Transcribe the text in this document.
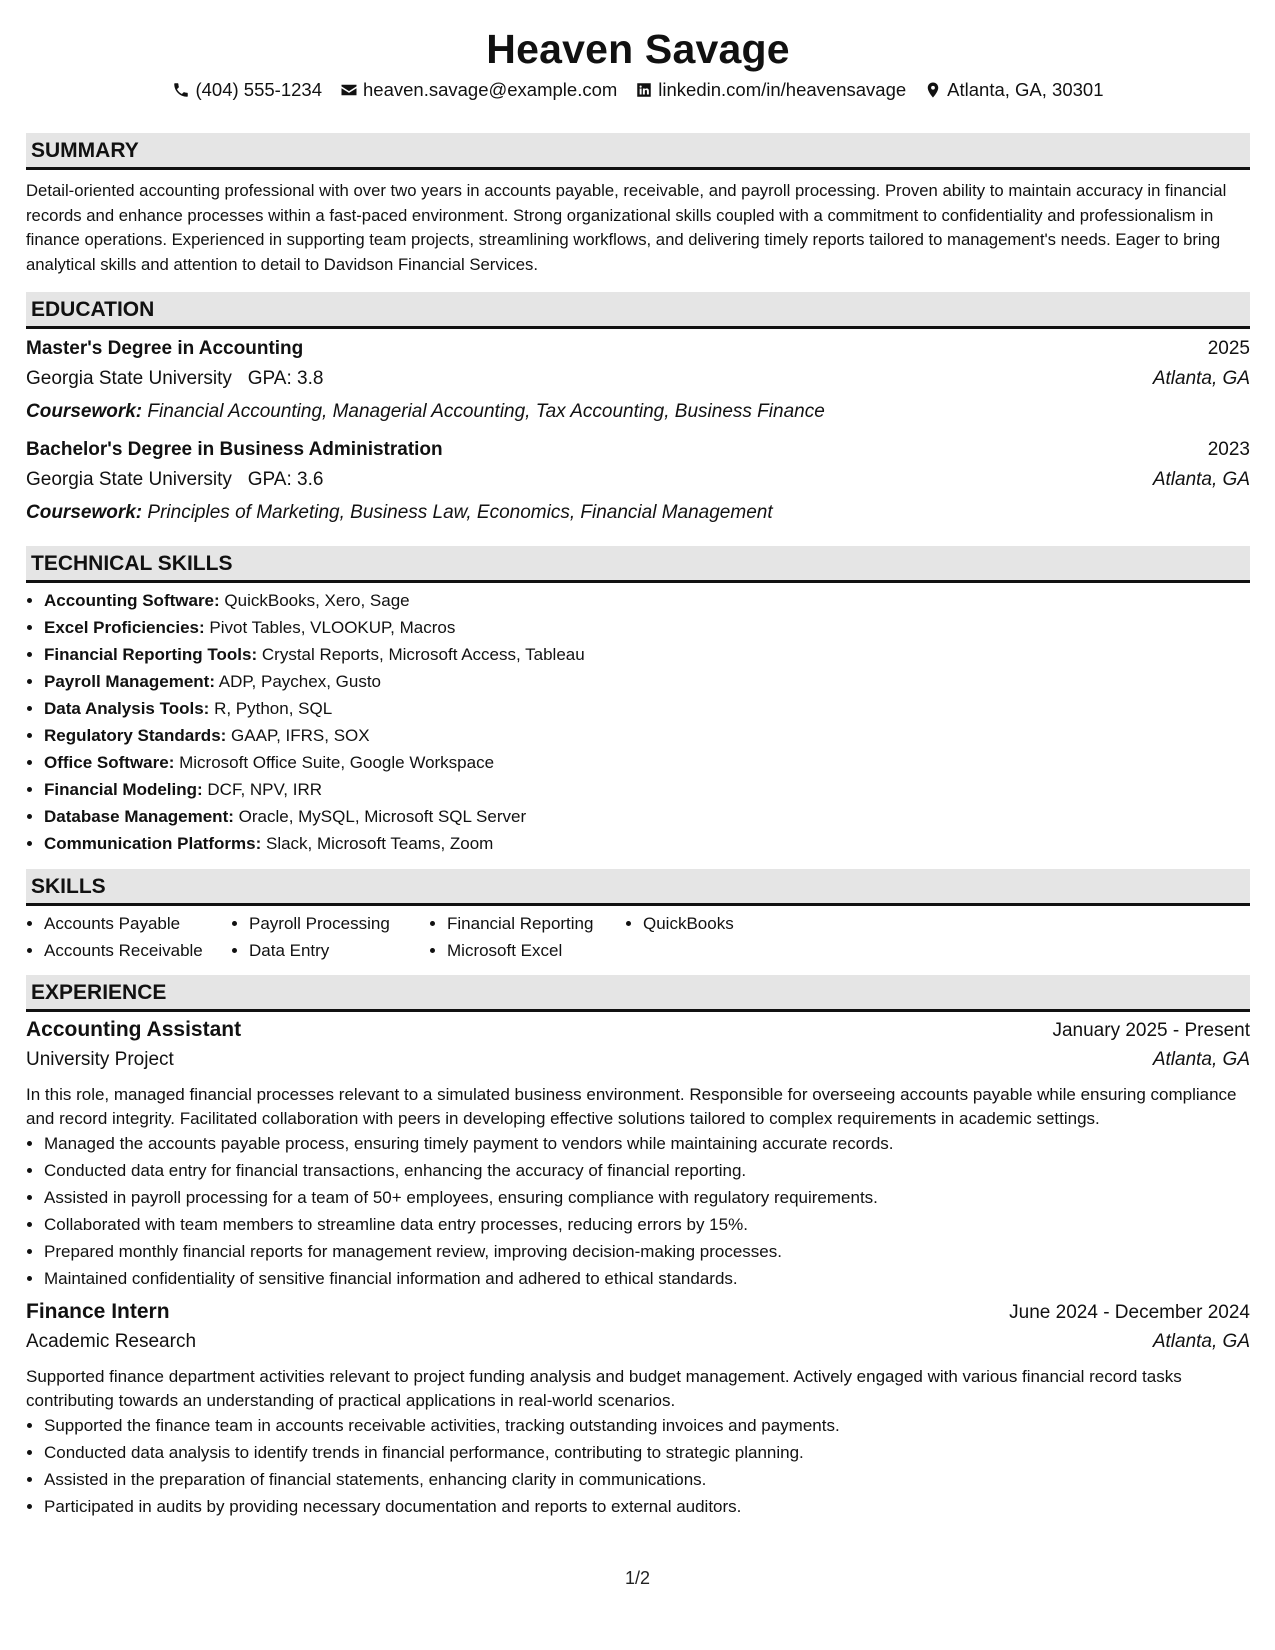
Heaven Savage
(404) 555-1234 heaven.savage@example.com linkedin.com/in/heavensavage Atlanta, GA, 30301
SUMMARY

Detail-oriented accounting professional with over two years in accounts payable, receivable, and payroll processing. Proven ability to maintain accuracy in financial records and enhance processes within a fast-paced environment. Strong organizational skills coupled with a commitment to confidentiality and professionalism in finance operations. Experienced in supporting team projects, streamlining workflows, and delivering timely reports tailored to management's needs. Eager to bring analytical skills and attention to detail to Davidson Financial Services.

EDUCATION
Master's Degree in Accounting	2025
Georgia State University GPA: 3.8	Atlanta, GA
Coursework: Financial Accounting, Managerial Accounting, Tax Accounting, Business Finance
Bachelor's Degree in Business Administration	2023
Georgia State University GPA: 3.6	Atlanta, GA
Coursework: Principles of Marketing, Business Law, Economics, Financial Management
TECHNICAL SKILLS
• Accounting Software: QuickBooks, Xero, Sage
• Excel Proficiencies: Pivot Tables, VLOOKUP, Macros
• Financial Reporting Tools: Crystal Reports, Microsoft Access, Tableau
• Payroll Management: ADP, Paychex, Gusto
• Data Analysis Tools: R, Python, SQL
• Regulatory Standards: GAAP, IFRS, SOX
• Office Software: Microsoft Office Suite, Google Workspace
• Financial Modeling: DCF, NPV, IRR
• Database Management: Oracle, MySQL, Microsoft SQL Server
• Communication Platforms: Slack, Microsoft Teams, Zoom
SKILLS
• Accounts Payable
• Accounts Receivable
• Payroll Processing
• Data Entry
• Financial Reporting
• Microsoft Excel
• QuickBooks
EXPERIENCE
Accounting Assistant	January 2025 - Present
University Project	Atlanta, GA

In this role, managed financial processes relevant to a simulated business environment. Responsible for overseeing accounts payable while ensuring compliance and record integrity. Facilitated collaboration with peers in developing effective solutions tailored to complex requirements in academic settings.

• Managed the accounts payable process, ensuring timely payment to vendors while maintaining accurate records.
• Conducted data entry for financial transactions, enhancing the accuracy of financial reporting.
• Assisted in payroll processing for a team of 50+ employees, ensuring compliance with regulatory requirements.
• Collaborated with team members to streamline data entry processes, reducing errors by 15%.
• Prepared monthly financial reports for management review, improving decision-making processes.
• Maintained confidentiality of sensitive financial information and adhered to ethical standards.
Finance Intern	June 2024 - December 2024
Academic Research	Atlanta, GA

Supported finance department activities relevant to project funding analysis and budget management. Actively engaged with various financial record tasks contributing towards an understanding of practical applications in real-world scenarios.

• Supported the finance team in accounts receivable activities, tracking outstanding invoices and payments.
• Conducted data analysis to identify trends in financial performance, contributing to strategic planning.
• Assisted in the preparation of financial statements, enhancing clarity in communications.
• Participated in audits by providing necessary documentation and reports to external auditors.
1/2
